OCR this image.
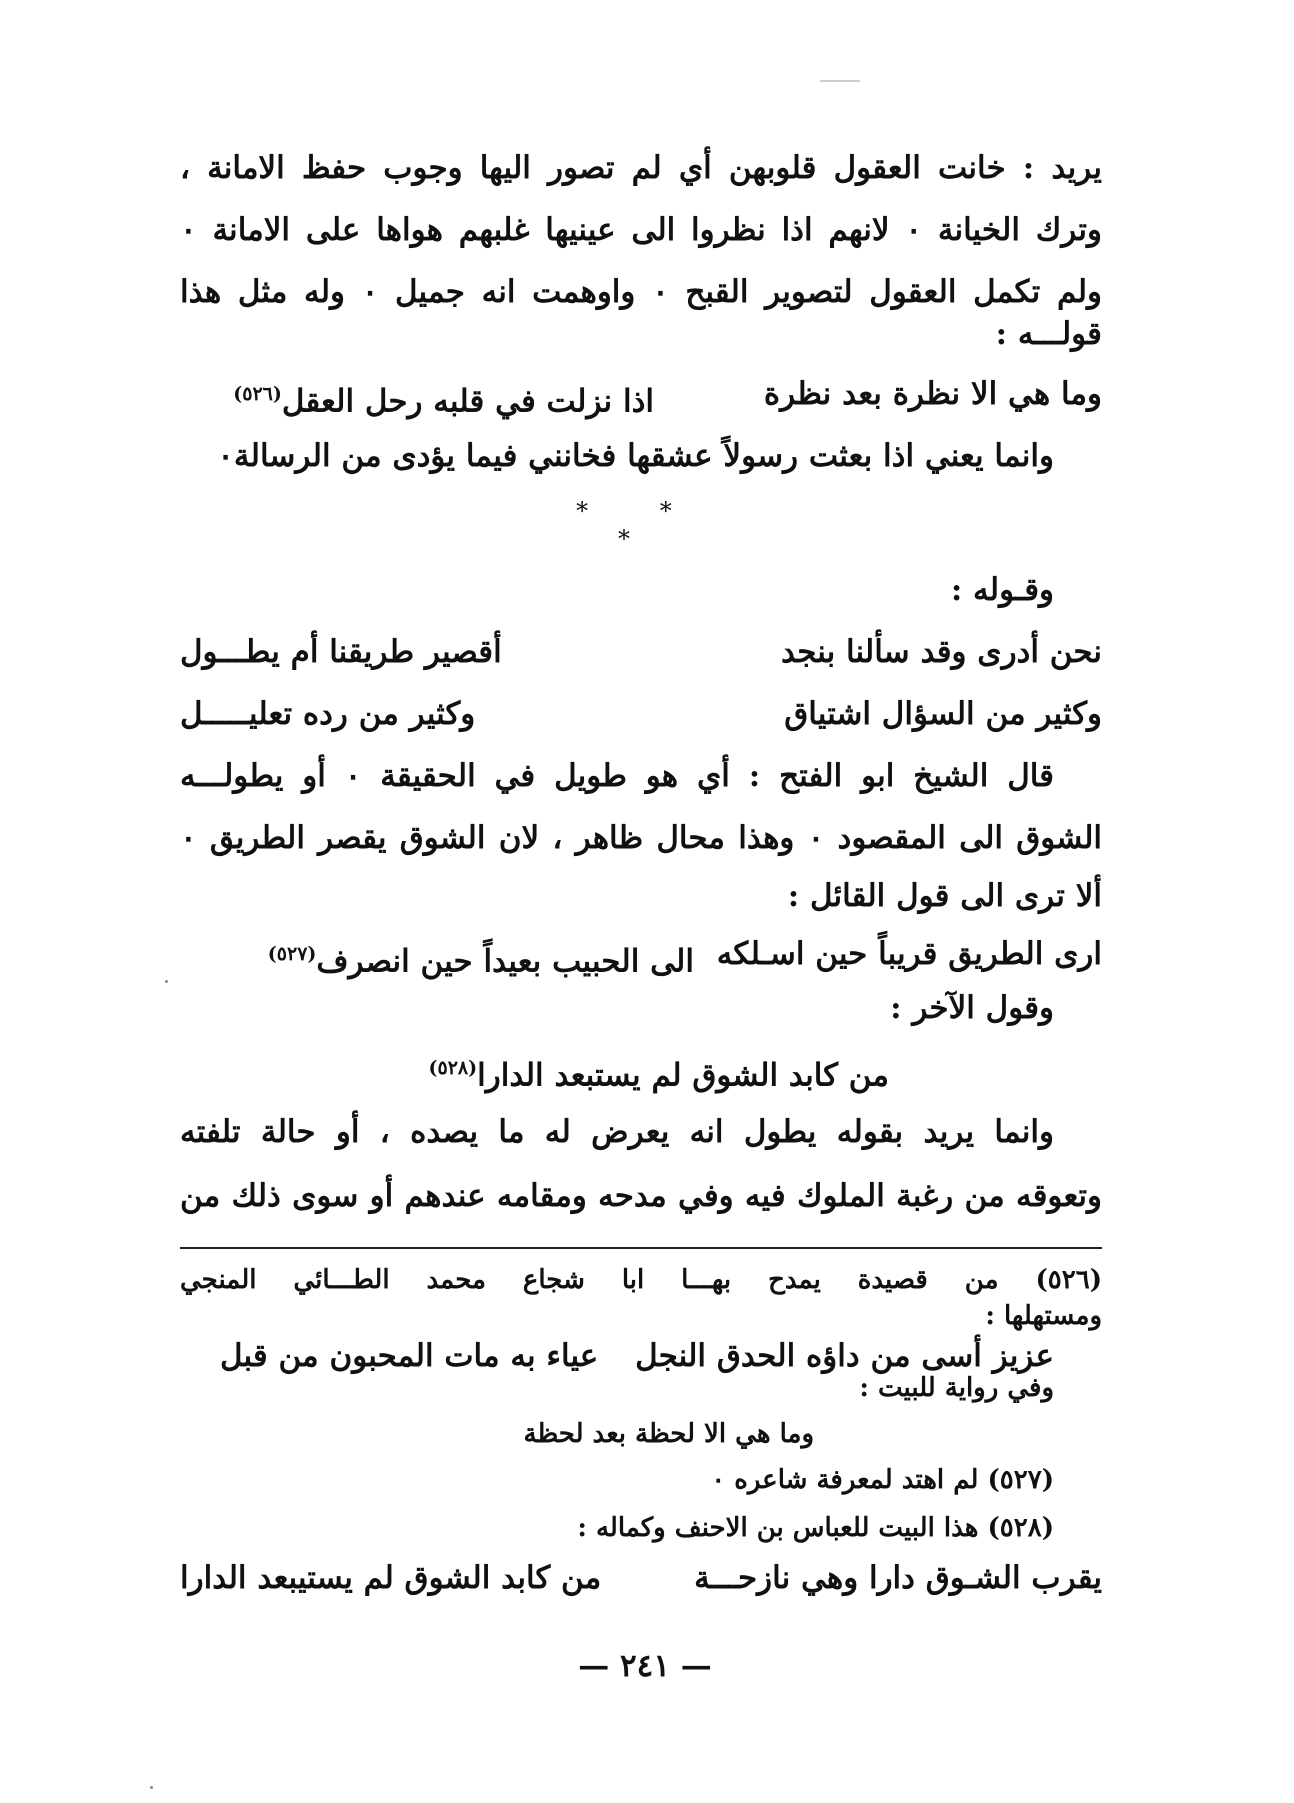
يريد : خانت العقول قلوبهن أي لم تصور اليها وجوب حفظ الامانة ،
وترك الخيانة ٠ لانهم اذا نظروا الى عينيها غلبهم هواها على الامانة ٠
ولم تكمل العقول لتصوير القبح ٠ واوهمت انه جميل ٠ وله مثل هذا
قولـــه :
وما هي الا نظرة بعد نظرة
اذا نزلت في قلبه رحل العقل$^{(٥٢٦)}$
وانما يعني اذا بعثت رسولاً عشقها فخانني فيما يؤدى من الرسالة٠
* * *
وقـوله :
نحن أدرى وقد سألنا بنجد
أقصير طريقنا أم يطـــول
وكثير من السؤال اشتياق
وكثير من رده تعليـــــل
قال الشيخ ابو الفتح : أي هو طويل في الحقيقة ٠ أو يطولـــه
الشوق الى المقصود ٠ وهذا محال ظاهر ، لان الشوق يقصر الطريق ٠
ألا ترى الى قول القائل :
ارى الطريق قريباً حين اسـلكه
الى الحبيب بعيداً حين انصرف$^{(٥٢٧)}$
وقول الآخر :
من كابد الشوق لم يستبعد الدارا$^{(٥٢٨)}$
وانما يريد بقوله يطول انه يعرض له ما يصده ، أو حالة تلفته
وتعوقه من رغبة الملوك فيه وفي مدحه ومقامه عندهم أو سوى ذلك من
(٥٢٦) من قصيدة يمدح بهـــا ابا شجاع محمد الطـــائي المنجي
ومستهلها :
عزيز أسى من داؤه الحدق النجل
عياء به مات المحبون من قبل
وفي رواية للبيت :
وما هي الا لحظة بعد لحظة
(٥٢٧) لم اهتد لمعرفة شاعره ٠
(٥٢٨) هذا البيت للعباس بن الاحنف وكماله :
يقرب الشـوق دارا وهي نازحـــة
من كابد الشوق لم يستيبعد الدارا
— ٢٤١ —
